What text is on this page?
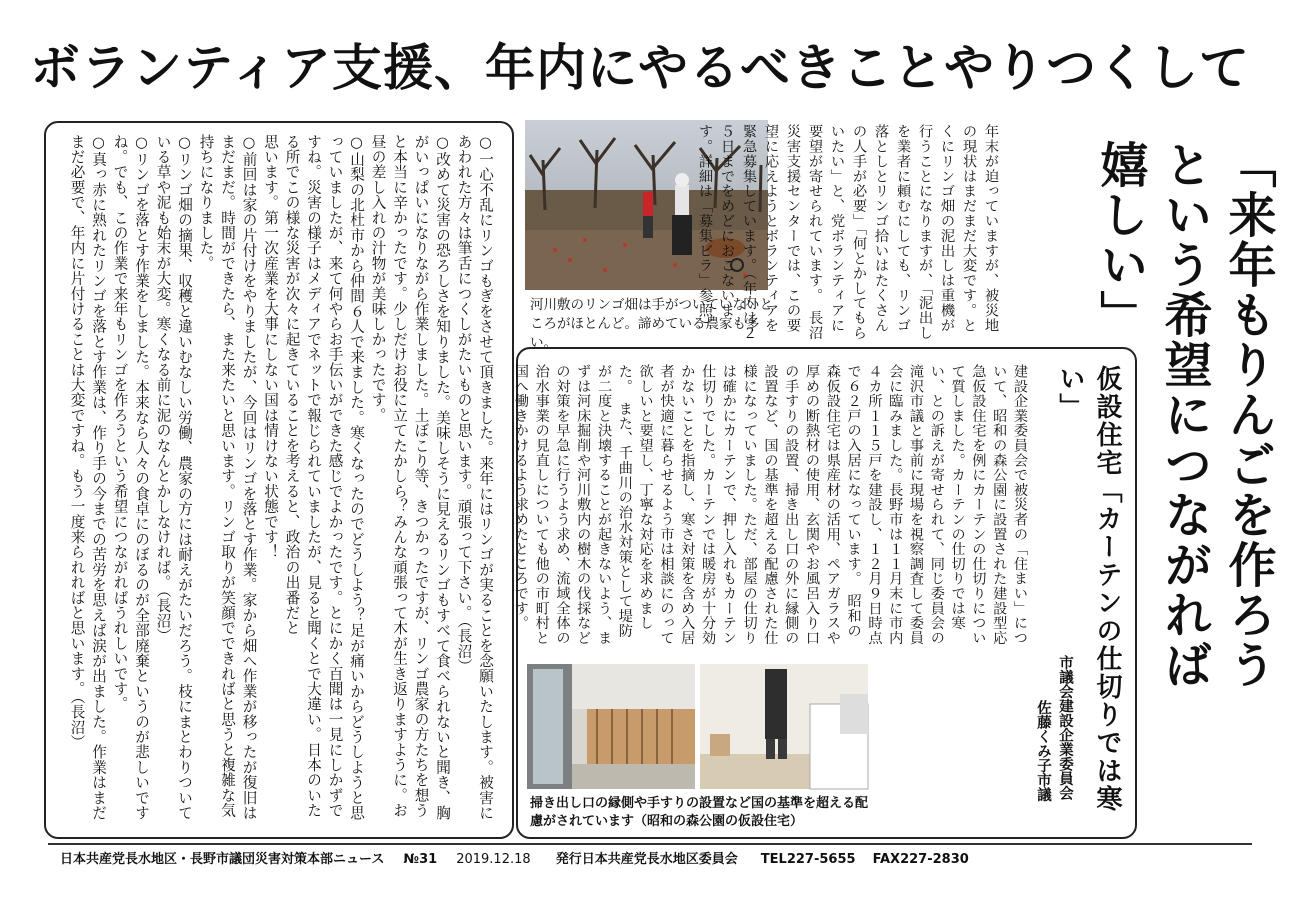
ボランティア支援、年内にやるべきことやりつくして

○一心不乱にリンゴもぎをさせて頂きました。来年にはリンゴが実ることを念願いたします。被害にあわれた方々は筆舌につくしがたいものと思います。頑張って下さい。（長沼）

○改めて災害の恐ろしさを知りました。美味しそうに見えるリンゴもすべて食べられないと聞き、胸がいっぱいになりながら作業しました。土ぼこり等、きつかったですが、リンゴ農家の方たちを想うと本当に辛かったです。少しだけお役に立てたかしら？みんな頑張って木が生き返りますように。お昼の差し入れの汁物が美味しかったです。

○山梨の北杜市から仲間６人で来ました。寒くなったのでどうしよう？足が痛いからどうしようと思っていましたが、来て何やらお手伝いができた感じでよかったです。とにかく百聞は一見にしかずですね。災害の様子はメディアでネットで報じられていましたが、見ると聞くとで大違い。日本のいたる所でこの様な災害が次々に起きていることを考えると、政治の出番だと

思います。第一次産業を大事にしない国は情けない状態です！

○前回は家の片付けをやりましたが、今回はリンゴを落とす作業。家から畑へ作業が移ったが復旧はまだまだ。時間ができたら、また来たいと思います。リンゴ取りが笑顔でできればと思うと複雑な気持ちになりました。

○リンゴ畑の摘果、収穫と違いむなしい労働、農家の方には耐えがたいだろう。枝にまとわりついている草や泥も始末が大変。寒くなる前に泥のなんとかしなければ。（長沼）

○リンゴを落とす作業をしました。本来なら人々の食卓にのぼるのが全部廃棄というのが悲しいですね。でも、この作業で来年もリンゴを作ろうという希望につながればうれしいです。

○真っ赤に熟れたリンゴを落とす作業は、作り手の今までの苦労を思えば涙が出ました。作業はまだまだ必要で、年内に片付けることは大変ですね。もう一度来られればと思います。（長沼）	河川敷のリンゴ畑は手がついていないところがほとんど。諦めている農家も多い。
年末が迫っていますが、被災地の現状はまだまだ大変です。とくにリンゴ畑の泥出しは重機が行うことになりますが、「泥出しを業者に頼むにしても、リンゴ落としとリンゴ拾いはたくさんの人手が必要」「何とかしてもらいたい」と、党ボランティアに要望が寄せられています。　長沼災害支援センターでは、この要望に応えようとボランティアを緊急募集しています。（年内は２５日までをめどにおこないます。詳細は「募集ビラ」参照）	「来年もりんごを作ろうという希望につながれば嬉しい」
仮設住宅「カーテンの仕切りでは寒い」
市議会建設企業委員会
佐藤くみ子市議
建設企業委員会で被災者の「住まい」について、昭和の森公園に設置された建設型応急仮設住宅を例にカーテンの仕切りについて質しました。カーテンの仕切りでは寒い、との訴えが寄せられて、同じ委員会の滝沢市議と事前に現場を視察調査して委員会に臨みました。長野市は１１月末に市内４カ所１１５戸を建設し、１２月９日時点で６２戸の入居になっています。　昭和の森仮設住宅は県産材の活用、ペアガラスや厚めの断熱材の使用、玄関やお風呂入り口の手すりの設置、掃き出し口の外に縁側の設置など、国の基準を超える配慮された仕様になっていました。ただ、部屋の仕切りは確かにカーテンで、押し入れもカーテン仕切りでした。カーテンでは暖房が十分効かないことを指摘し、寒さ対策を含め入居者が快適に暮らせるよう市は相談にのって欲しいと要望し、丁寧な対応を求めました。　また、千曲川の治水対策として堤防が二度と決壊することが起きないよう、まずは河床掘削や河川敷内の樹木の伐採などの対策を早急に行うよう求め、流域全体の治水事業の見直しについても他の市町村と国へ働きかけるよう求めたところです。
掃き出し口の縁側や手すりの設置など国の基準を超える配慮がされています（昭和の森公園の仮設住宅）
日本共産党長水地区・長野市議団災害対策本部ニュース №31 2019.12.18 発行日本共産党長水地区委員会 TEL227-5655 FAX227-2830
